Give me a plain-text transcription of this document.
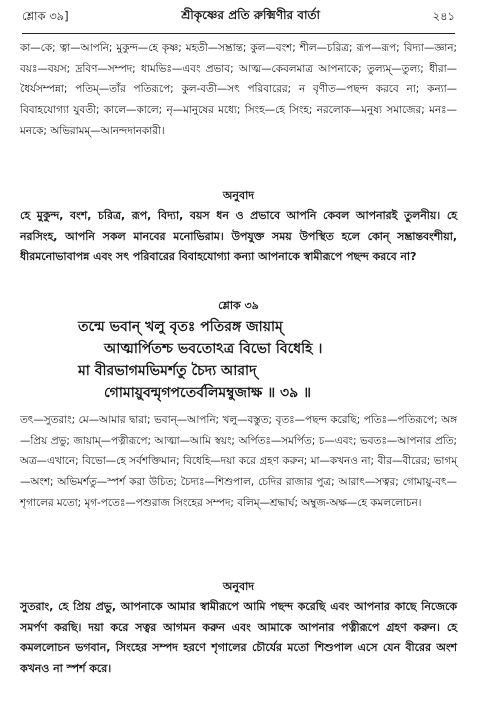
শ্লোক ৩৯]	শ্রীকৃষ্ণের প্রতি রুক্মিণীর বার্তা	২৪১

কা—কে; ত্বা—আপনি; মুকুন্দ—হে কৃষ্ণ; মহতী—সম্ভ্রান্ত; কুল—বংশ; শীল—চরিত্র; রূপ—রূপ; বিদ্যা—জ্ঞান; বয়ঃ—বয়স; দ্রবিণ—সম্পদ; ধামভিঃ—এবং প্রভাব; আত্ম—কেবলমাত্র আপনাকে; তুল্যম্—তুল্য; ধীরা—ধৈর্যসম্পন্না; পতিম্—তাঁর পতিরূপে; কুল-বতী—সৎ পরিবারের; ন বৃণীত—পছন্দ করবে না; কন্যা—বিবাহযোগ্যা যুবতী; কালে—কালে; নৃ—মানুষের মধ্যে; সিংহ—হে সিংহ; নরলোক—মনুষ্য সমাজের; মনঃ—মনকে; অভিরামম্—আনন্দদানকারী।

অনুবাদ

হে মুকুন্দ, বংশ, চরিত্র, রূপ, বিদ্যা, বয়স ধন ও প্রভাবে আপনি কেবল আপনারই তুলনীয়। হে নরসিংহ, আপনি সকল মানবের মনোভিরাম। উপযুক্ত সময় উপস্থিত হলে কোন্ সম্ভ্রান্তবংশীয়া, ধীরমনোভাবাপন্ন এবং সৎ পরিবারের বিবাহযোগ্যা কন্যা আপনাকে স্বামীরূপে পছন্দ করবে না?

শ্লোক ৩৯
তন্মে ভবান্ খলু বৃতঃ পতিরঙ্গ জায়াম্
আত্মার্পিতশ্চ ভবতোঽত্র বিভো বিধেহি ।
মা বীরভাগমভিমর্শতু চৈদ্য আরাদ্
গোমায়ুবন্মৃগপতের্বলিমম্বুজাক্ষ ॥ ৩৯ ॥

তৎ—সুতরাং; মে—আমার দ্বারা; ভবান্—আপনি; খলু—বস্তুত; বৃতঃ—পছন্দ করেছি; পতিঃ—পতিরূপে; অঙ্গ—প্রিয় প্রভু; জায়াম্—পত্নীরূপে; আত্মা—আমি স্বয়ং; অর্পিতঃ—সমর্পিত; চ—এবং; ভবতঃ—আপনার প্রতি; অত্র—এখানে; বিভো—হে সর্বশক্তিমান; বিধেহি—দয়া করে গ্রহণ করুন; মা—কখনও না; বীর—বীরের; ভাগম্—অংশ; অভিমর্শতু—স্পর্শ করা উচিত; চৈদ্যঃ—শিশুপাল, চেদির রাজার পুত্র; আরাৎ—সত্বর; গোমায়ু-বৎ—শৃগালের মতো; মৃগ-পতেঃ—পশুরাজ সিংহের সম্পদ; বলিম্—শ্রদ্ধার্ঘ; অম্বুজ-অক্ষ—হে কমললোচন।

অনুবাদ

সুতরাং, হে প্রিয় প্রভু, আপনাকে আমার স্বামীরূপে আমি পছন্দ করেছি এবং আপনার কাছে নিজেকে সমর্পণ করছি। দয়া করে সত্বর আগমন করুন এবং আমাকে আপনার পত্নীরূপে গ্রহণ করুন। হে কমললোচন ভগবান, সিংহের সম্পদ হরণে শৃগালের চৌর্যের মতো শিশুপাল এসে যেন বীরের অংশ কখনও না স্পর্শ করে।
